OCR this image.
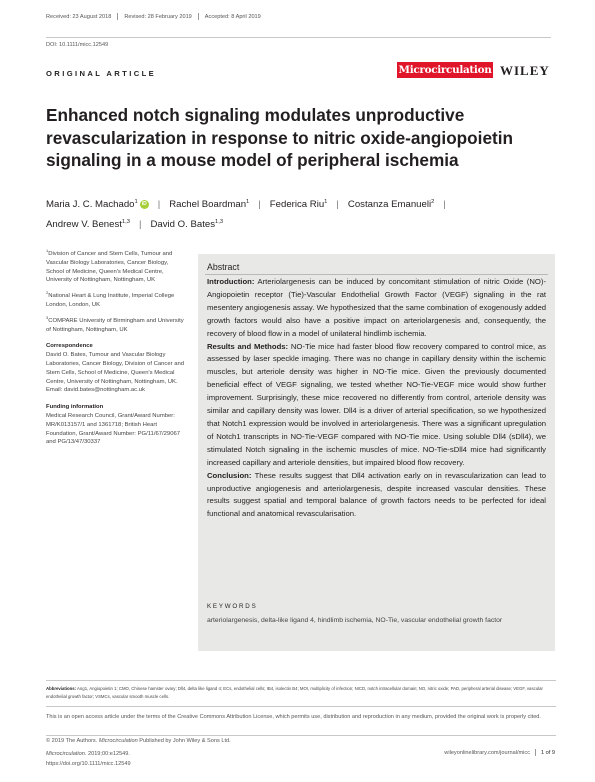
Received: 23 August 2018 Revised: 28 February 2019 Accepted: 8 April 2019
DOI: 10.1111/micc.12549
ORIGINAL ARTICLE	Microcirculation WILEY
Enhanced notch signaling modulates unproductive revascularization in response to nitric oxide-angiopoietin signaling in a mouse model of peripheral ischemia
Maria J. C. Machado$^1$ iD | Rachel Boardman$^1$ | Federica Riu$^1$ | Costanza Emanueli$^2$ |
Andrew V. Benest$^{1,3}$ | David O. Bates$^{1,3}$
$^1$Division of Cancer and Stem Cells, Tumour and Vascular Biology Laboratories, Cancer Biology, School of Medicine, Queen's Medical Centre, University of Nottingham, Nottingham, UK
$^2$National Heart & Lung Institute, Imperial College London, London, UK
$^3$COMPARE University of Birmingham and University of Nottingham, Nottingham, UK
Correspondence
David O. Bates, Tumour and Vascular Biology Laboratories, Cancer Biology, Division of Cancer and Stem Cells, School of Medicine, Queen's Medical Centre, University of Nottingham, Nottingham, UK. Email: david.bates@nottingham.ac.uk
Funding information
Medical Research Council, Grant/Award Number: MR/K013157/1 and 1361718; British Heart Foundation, Grant/Award Number: PG/11/67/29067 and PG/13/47/30337
Abstract

Introduction: Arteriolargenesis can be induced by concomitant stimulation of nitric Oxide (NO)-Angiopoietin receptor (Tie)-Vascular Endothelial Growth Factor (VEGF) signaling in the rat mesentery angiogenesis assay. We hypothesized that the same combination of exogenously added growth factors would also have a positive impact on arteriolargenesis and, consequently, the recovery of blood flow in a model of unilateral hindlimb ischemia.

Results and Methods: NO-Tie mice had faster blood flow recovery compared to control mice, as assessed by laser speckle imaging. There was no change in capillary density within the ischemic muscles, but arteriole density was higher in NO-Tie mice. Given the previously documented beneficial effect of VEGF signaling, we tested whether NO-Tie-VEGF mice would show further improvement. Surprisingly, these mice recovered no differently from control, arteriole density was similar and capillary density was lower. Dll4 is a driver of arterial specification, so we hypothesized that Notch1 expression would be involved in arteriolargenesis. There was a significant upregulation of Notch1 transcripts in NO-Tie-VEGF compared with NO-Tie mice. Using soluble Dll4 (sDll4), we stimulated Notch signaling in the ischemic muscles of mice. NO-Tie-sDll4 mice had significantly increased capillary and arteriole densities, but impaired blood flow recovery.

Conclusion: These results suggest that Dll4 activation early on in revascularization can lead to unproductive angiogenesis and arteriolargenesis, despite increased vascular densities. These results suggest spatial and temporal balance of growth factors needs to be perfected for ideal functional and anatomical revascularisation.

KEYWORDS
arteriolargenesis, delta-like ligand 4, hindlimb ischemia, NO-Tie, vascular endothelial growth factor
Abbreviations: Ang1, Angiopoietin 1; CMO, Chinese hamster ovary; Dll4, delta like ligand 4; ECs, endothelial cells; IB4, isolectin B4; MOI, multiplicity of infection; NICD, notch intracellular domain; NO, nitric oxide; PAD, peripheral arterial disease; VEGF, vascular endothelial growth factor; VSMCs, vascular smooth muscle cells.
This is an open access article under the terms of the Creative Commons Attribution License, which permits use, distribution and reproduction in any medium, provided the original work is properly cited.
© 2019 The Authors. Microcirculation Published by John Wiley & Sons Ltd.
Microcirculation. 2019;00:e12549.
https://doi.org/10.1111/micc.12549
wileyonlinelibrary.com/journal/micc 1 of 9
